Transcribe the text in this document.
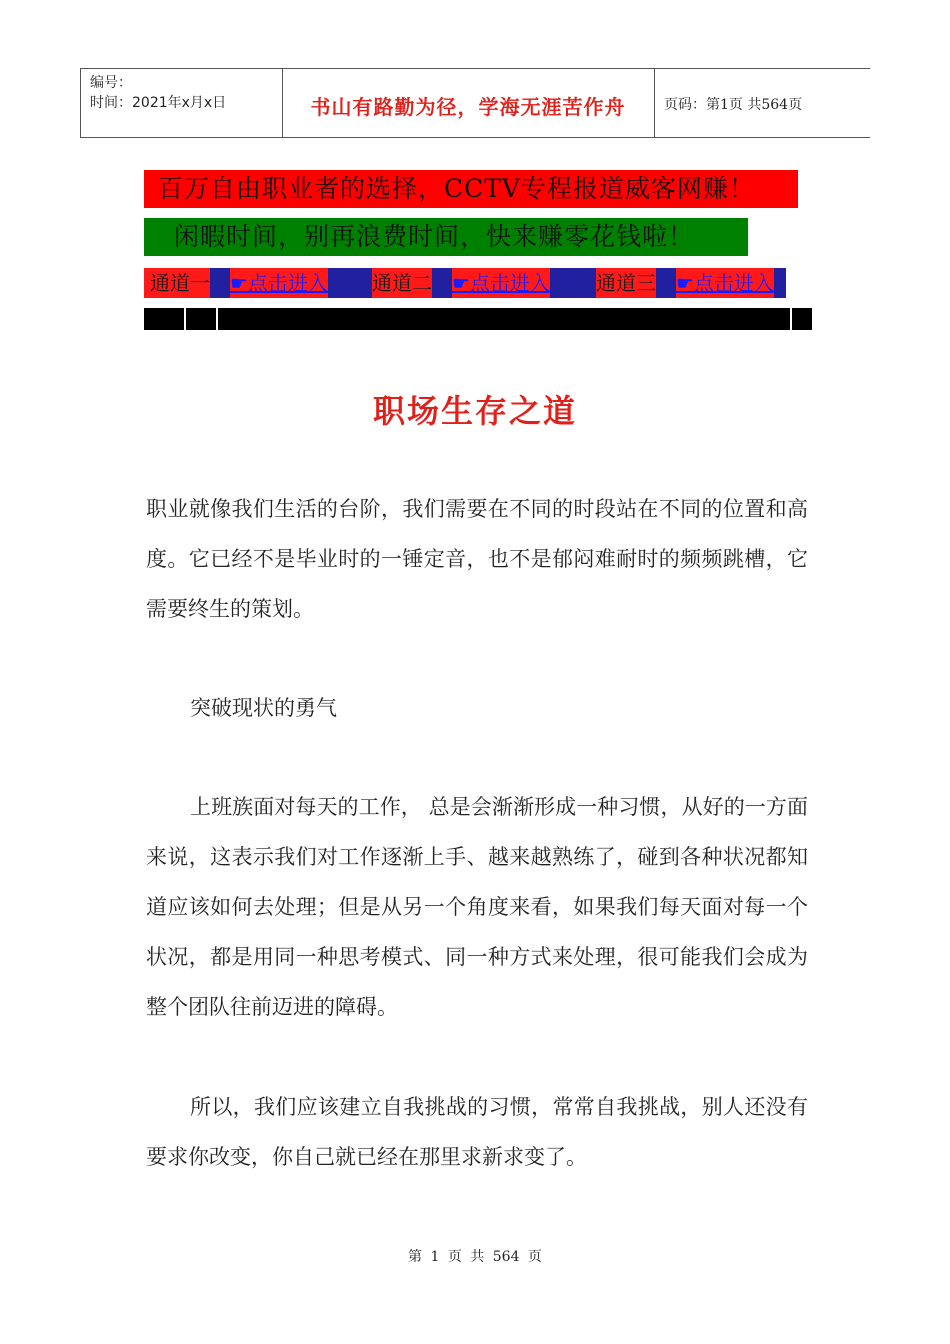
编号：
时间：2021年x月x日	书山有路勤为径，学海无涯苦作舟	页码：第1页 共564页
百万自由职业者的选择，CCTV专程报道威客网赚！
闲暇时间，别再浪费时间，快来赚零花钱啦！
通道一 ☛点击进入 通道二 ☛点击进入 通道三 ☛点击进入
职场生存之道

职业就像我们生活的台阶，我们需要在不同的时段站在不同的位置和高度。它已经不是毕业时的一锤定音，也不是郁闷难耐时的频频跳槽，它需要终生的策划。

突破现状的勇气

上班族面对每天的工作， 总是会渐渐形成一种习惯，从好的一方面来说，这表示我们对工作逐渐上手、越来越熟练了，碰到各种状况都知道应该如何去处理；但是从另一个角度来看，如果我们每天面对每一个状况，都是用同一种思考模式、同一种方式来处理，很可能我们会成为整个团队往前迈进的障碍。

所以，我们应该建立自我挑战的习惯，常常自我挑战，别人还没有要求你改变，你自己就已经在那里求新求变了。

第 1 页 共 564 页
